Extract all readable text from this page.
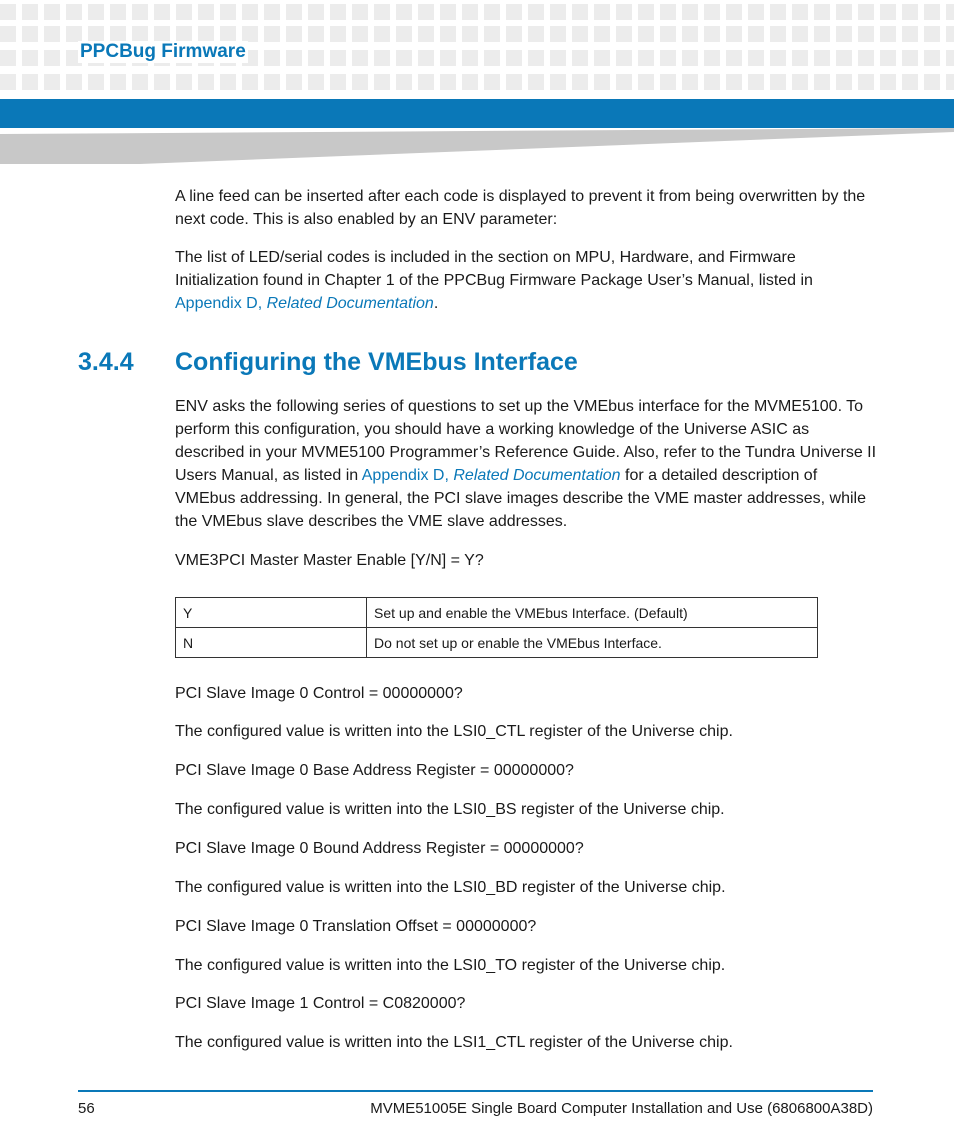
PPCBug Firmware

A line feed can be inserted after each code is displayed to prevent it from being overwritten by the next code. This is also enabled by an ENV parameter:

The list of LED/serial codes is included in the section on MPU, Hardware, and Firmware Initialization found in Chapter 1 of the PPCBug Firmware Package User’s Manual, listed in Appendix D, Related Documentation.

3.4.4 Configuring the VMEbus Interface

ENV asks the following series of questions to set up the VMEbus interface for the MVME5100. To perform this configuration, you should have a working knowledge of the Universe ASIC as described in your MVME5100 Programmer’s Reference Guide. Also, refer to the Tundra Universe II Users Manual, as listed in Appendix D, Related Documentation for a detailed description of VMEbus addressing. In general, the PCI slave images describe the VME master addresses, while the VMEbus slave describes the VME slave addresses.

VME3PCI Master Master Enable [Y/N] = Y?

Y	Set up and enable the VMEbus Interface. (Default)
N	Do not set up or enable the VMEbus Interface.

PCI Slave Image 0 Control = 00000000?

The configured value is written into the LSI0_CTL register of the Universe chip.

PCI Slave Image 0 Base Address Register = 00000000?

The configured value is written into the LSI0_BS register of the Universe chip.

PCI Slave Image 0 Bound Address Register = 00000000?

The configured value is written into the LSI0_BD register of the Universe chip.

PCI Slave Image 0 Translation Offset = 00000000?

The configured value is written into the LSI0_TO register of the Universe chip.

PCI Slave Image 1 Control = C0820000?

The configured value is written into the LSI1_CTL register of the Universe chip.

56	MVME51005E Single Board Computer Installation and Use (6806800A38D)
